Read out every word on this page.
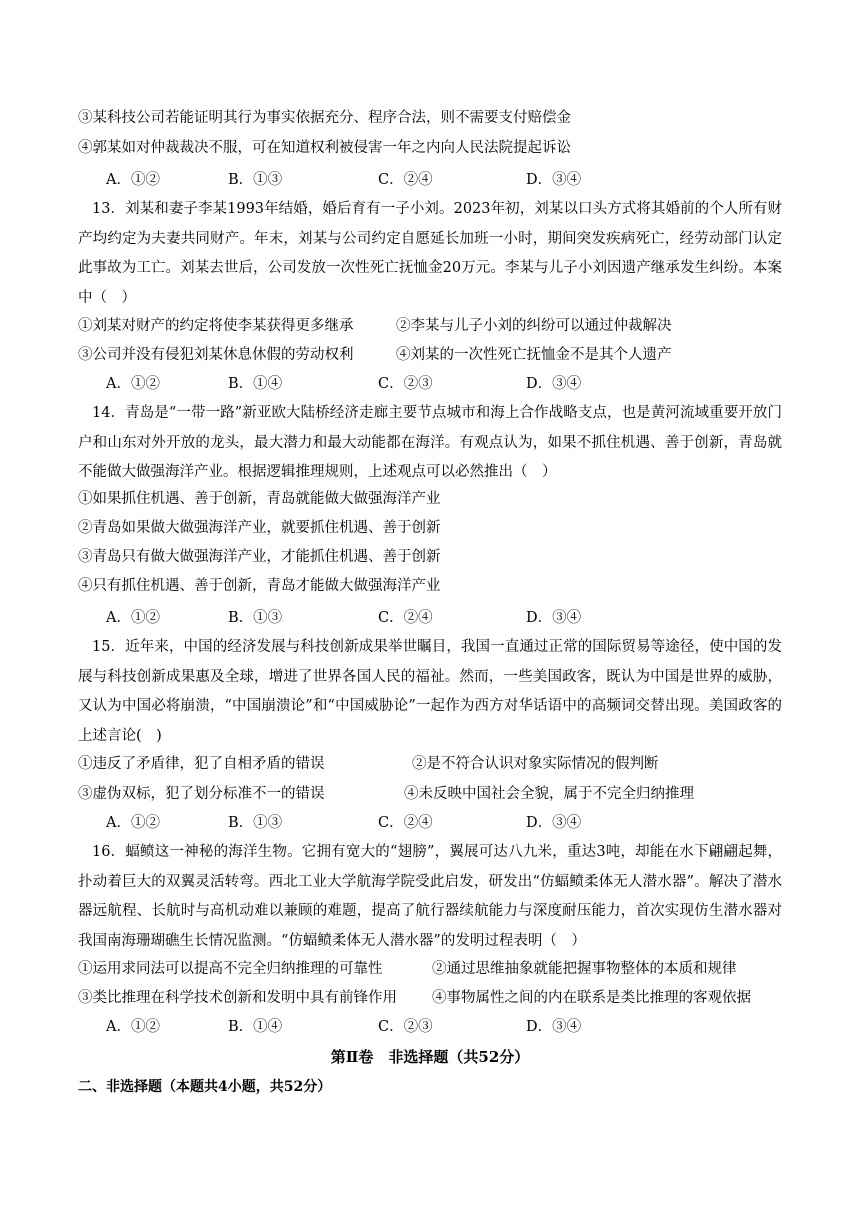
③某科技公司若能证明其行为事实依据充分、程序合法，则不需要支付赔偿金
④郭某如对仲裁裁决不服，可在知道权利被侵害一年之内向人民法院提起诉讼
A．①②	B．①③	C．②④	D．③④
13．刘某和妻子李某1993年结婚，婚后育有一子小刘。2023年初，刘某以口头方式将其婚前的个人所有财产均约定为夫妻共同财产。年末，刘某与公司约定自愿延长加班一小时，期间突发疾病死亡，经劳动部门认定此事故为工亡。刘某去世后，公司发放一次性死亡抚恤金20万元。李某与儿子小刘因遗产继承发生纠纷。本案中（　）
①刘某对财产的约定将使李某获得更多继承	②李某与儿子小刘的纠纷可以通过仲裁解决
③公司并没有侵犯刘某休息休假的劳动权利	④刘某的一次性死亡抚恤金不是其个人遗产
A．①②	B．①④	C．②③	D．③④
14．青岛是“一带一路”新亚欧大陆桥经济走廊主要节点城市和海上合作战略支点，也是黄河流域重要开放门户和山东对外开放的龙头，最大潜力和最大动能都在海洋。有观点认为，如果不抓住机遇、善于创新，青岛就不能做大做强海洋产业。根据逻辑推理规则，上述观点可以必然推出（　）
①如果抓住机遇、善于创新，青岛就能做大做强海洋产业
②青岛如果做大做强海洋产业，就要抓住机遇、善于创新
③青岛只有做大做强海洋产业，才能抓住机遇、善于创新
④只有抓住机遇、善于创新，青岛才能做大做强海洋产业
A．①②	B．①③	C．②④	D．③④
15．近年来，中国的经济发展与科技创新成果举世瞩目，我国一直通过正常的国际贸易等途径，使中国的发展与科技创新成果惠及全球，增进了世界各国人民的福祉。然而，一些美国政客，既认为中国是世界的威胁，又认为中国必将崩溃，“中国崩溃论”和“中国威胁论”一起作为西方对华话语中的高频词交替出现。美国政客的上述言论(　)
①违反了矛盾律，犯了自相矛盾的错误	②是不符合认识对象实际情况的假判断
③虚伪双标，犯了划分标准不一的错误	④未反映中国社会全貌，属于不完全归纳推理
A．①②	B．①③	C．②④	D．③④
16．蝠鲼这一神秘的海洋生物。它拥有宽大的“翅膀”，翼展可达八九米，重达3吨，却能在水下翩翩起舞，扑动着巨大的双翼灵活转弯。西北工业大学航海学院受此启发，研发出“仿蝠鲼柔体无人潜水器”。解决了潜水器远航程、长航时与高机动难以兼顾的难题，提高了航行器续航能力与深度耐压能力，首次实现仿生潜水器对我国南海珊瑚礁生长情况监测。“仿蝠鲼柔体无人潜水器”的发明过程表明（　）
①运用求同法可以提高不完全归纳推理的可靠性	②通过思维抽象就能把握事物整体的本质和规律
③类比推理在科学技术创新和发明中具有前锋作用 ④事物属性之间的内在联系是类比推理的客观依据
A．①②	B．①④	C．②③	D．③④
第Ⅱ卷　非选择题（共52分）
二、非选择题（本题共4小题，共52分）
